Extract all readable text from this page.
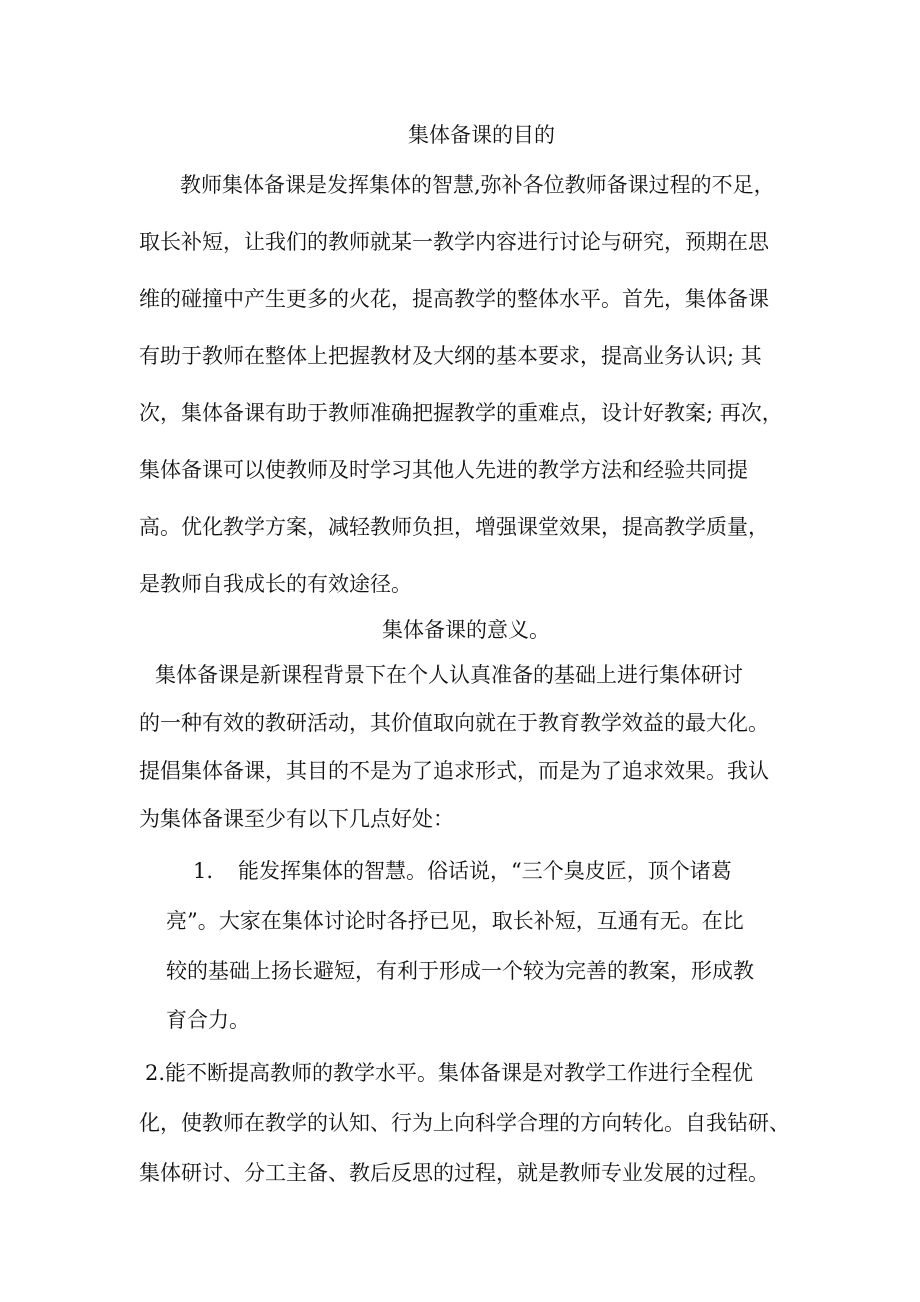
集体备课的目的
教师集体备课是发挥集体的智慧,弥补各位教师备课过程的不足，
取长补短，让我们的教师就某一教学内容进行讨论与研究，预期在思
维的碰撞中产生更多的火花，提高教学的整体水平。首先，集体备课
有助于教师在整体上把握教材及大纲的基本要求，提高业务认识; 其
次，集体备课有助于教师准确把握教学的重难点，设计好教案; 再次，
集体备课可以使教师及时学习其他人先进的教学方法和经验共同提
高。优化教学方案，减轻教师负担，增强课堂效果，提高教学质量，
是教师自我成长的有效途径。
集体备课的意义。
集体备课是新课程背景下在个人认真准备的基础上进行集体研讨
的一种有效的教研活动，其价值取向就在于教育教学效益的最大化。
提倡集体备课，其目的不是为了追求形式，而是为了追求效果。我认
为集体备课至少有以下几点好处：
1. 能发挥集体的智慧。俗话说，“三个臭皮匠，顶个诸葛
亮”。大家在集体讨论时各抒已见，取长补短，互通有无。在比
较的基础上扬长避短，有利于形成一个较为完善的教案，形成教
育合力。
2.能不断提高教师的教学水平。集体备课是对教学工作进行全程优
化，使教师在教学的认知、行为上向科学合理的方向转化。自我钻研、
集体研讨、分工主备、教后反思的过程，就是教师专业发展的过程。
